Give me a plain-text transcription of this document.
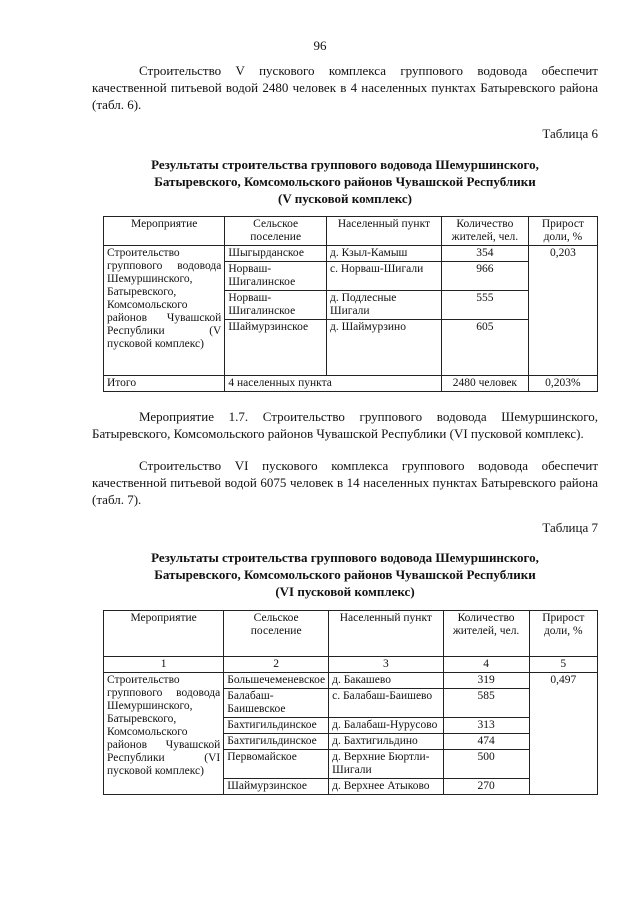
96

Строительство V пускового комплекса группового водовода обеспечит качественной питьевой водой 2480 человек в 4 населенных пунктах Батыревского района (табл. 6).

Таблица 6
Результаты строительства группового водовода Шемуршинского,
Батыревского, Комсомольского районов Чувашской Республики
(V пусковой комплекс)
Мероприятие	Сельское поселение	Населенный пункт	Количество жителей, чел.	Прирост доли, %
Строительство группового водовода Шемуршинского, Батыревского, Комсомольского районов Чувашской Республики (V пусковой комплекс)	Шыгырданское	д. Кзыл-Камыш	354	0,203
	Норваш-Шигалинское	с. Норваш-Шигали	966	
	Норваш-Шигалинское	д. Подлесные Шигали	555	
	Шаймурзинское	д. Шаймурзино	605	
Итого	4 населенных пункта		2480 человек	0,203%

Мероприятие 1.7. Строительство группового водовода Шемуршинского, Батыревского, Комсомольского районов Чувашской Республики (VI пусковой комплекс).

Строительство VI пускового комплекса группового водовода обеспечит качественной питьевой водой 6075 человек в 14 населенных пунктах Батыревского района (табл. 7).

Таблица 7
Результаты строительства группового водовода Шемуршинского,
Батыревского, Комсомольского районов Чувашской Республики
(VI пусковой комплекс)
Мероприятие	Сельское поселение	Населенный пункт	Количество жителей, чел.	Прирост доли, %
1	2	3	4	5
Строительство группового водовода Шемуршинского, Батыревского, Комсомольского районов Чувашской Республики (VI пусковой комплекс)	Большечеменевское	д. Бакашево	319	0,497
	Балабаш-Баишевское	с. Балабаш-Баишево	585	
	Бахтигильдинское	д. Балабаш-Нурусово	313	
	Бахтигильдинское	д. Бахтигильдино	474	
	Первомайское	д. Верхние Бюртли-Шигали	500	
	Шаймурзинское	д. Верхнее Атыково	270	
